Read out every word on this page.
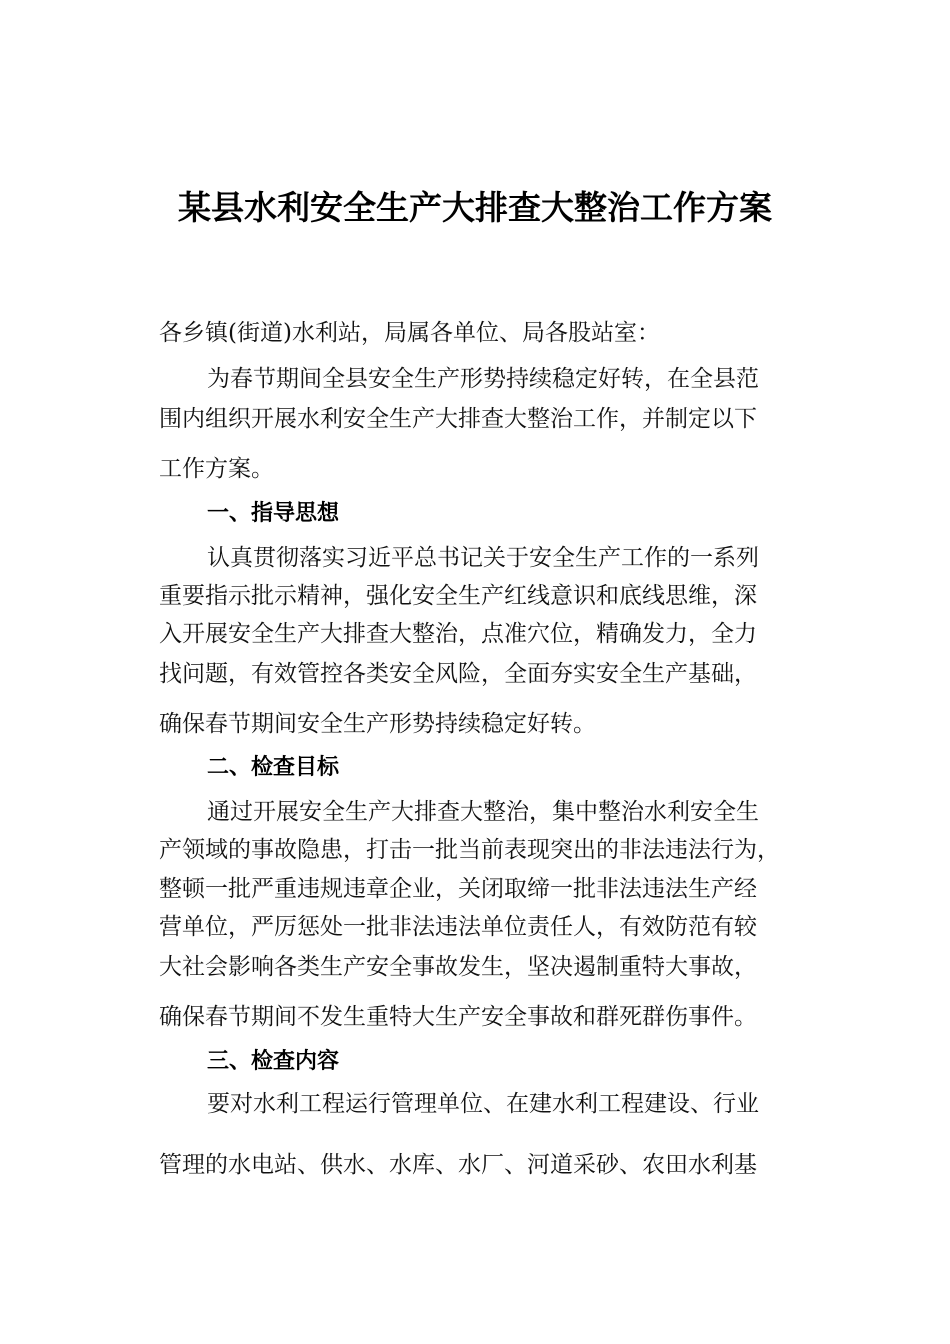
某县水利安全生产大排查大整治工作方案
各乡镇(街道)水利站，局属各单位、局各股站室：
为春节期间全县安全生产形势持续稳定好转，在全县范
围内组织开展水利安全生产大排查大整治工作，并制定以下
工作方案。
一、指导思想
认真贯彻落实习近平总书记关于安全生产工作的一系列
重要指示批示精神，强化安全生产红线意识和底线思维，深
入开展安全生产大排查大整治，点准穴位，精确发力，全力
找问题，有效管控各类安全风险，全面夯实安全生产基础，
确保春节期间安全生产形势持续稳定好转。
二、检查目标
通过开展安全生产大排查大整治，集中整治水利安全生
产领域的事故隐患，打击一批当前表现突出的非法违法行为，
整顿一批严重违规违章企业，关闭取缔一批非法违法生产经
营单位，严厉惩处一批非法违法单位责任人，有效防范有较
大社会影响各类生产安全事故发生，坚决遏制重特大事故，
确保春节期间不发生重特大生产安全事故和群死群伤事件。
三、检查内容
要对水利工程运行管理单位、在建水利工程建设、行业
管理的水电站、供水、水库、水厂、河道采砂、农田水利基
